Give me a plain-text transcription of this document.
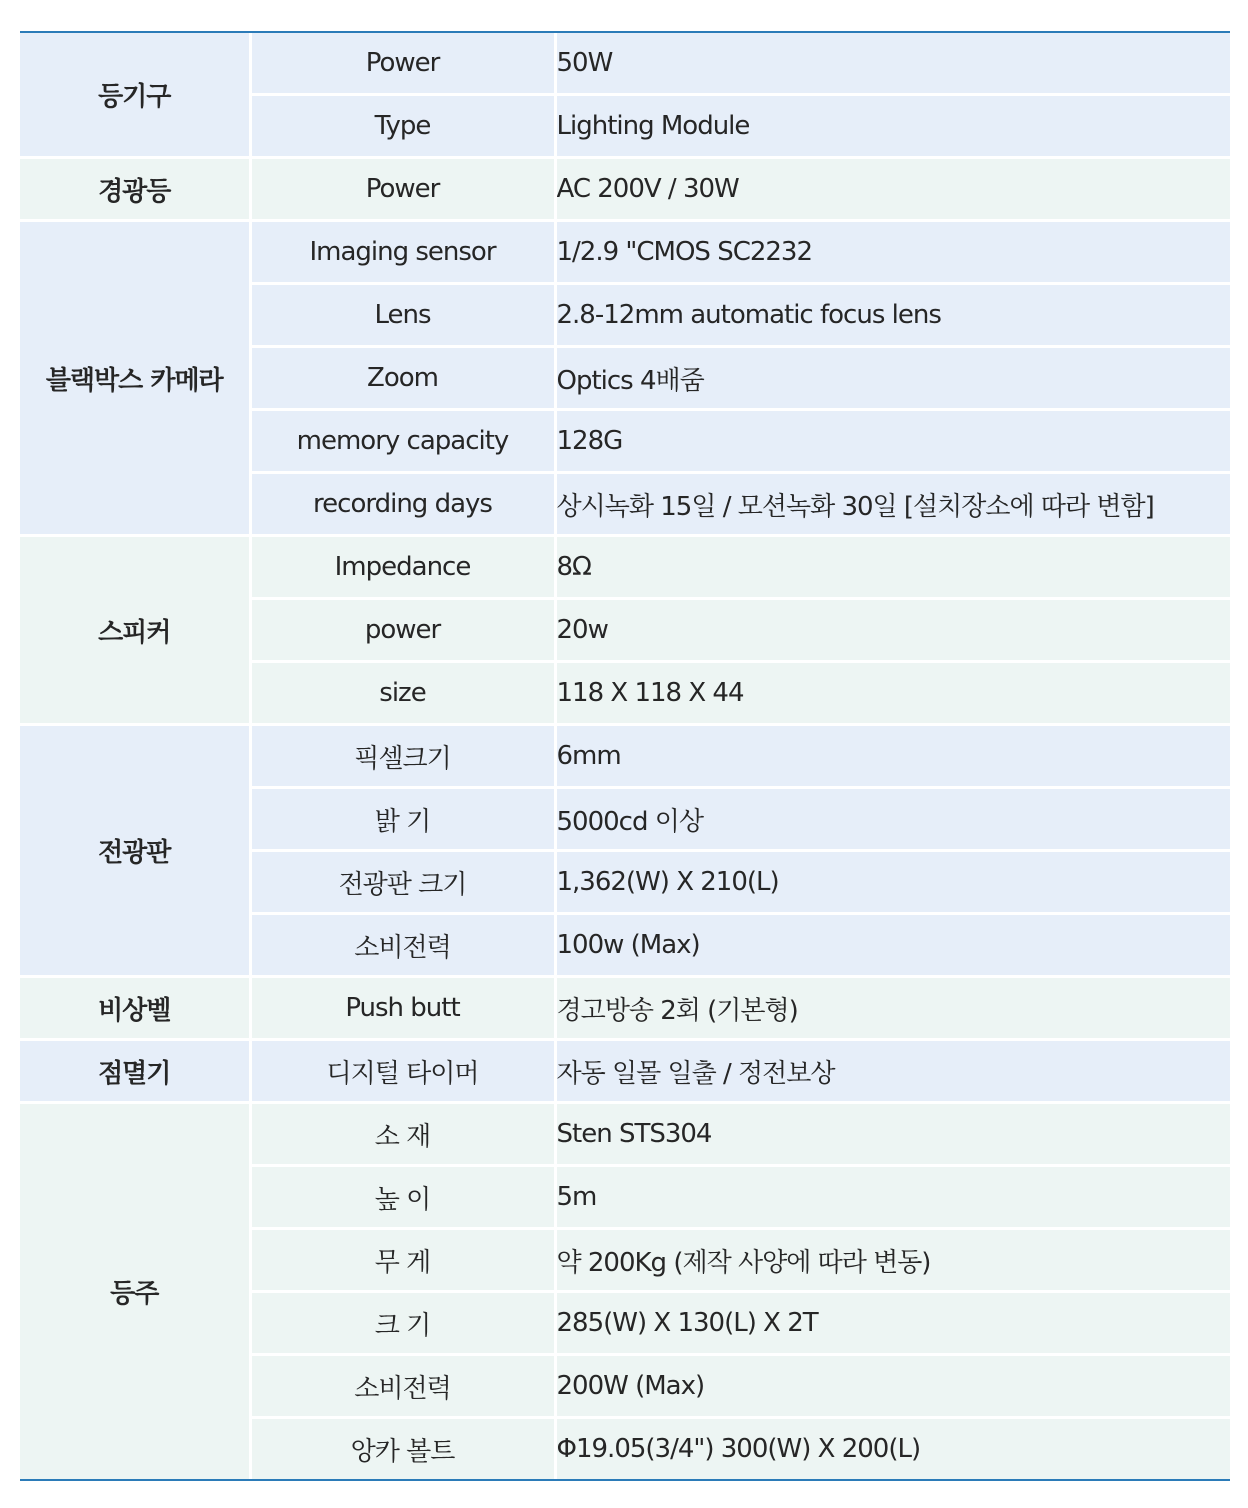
등기구	Power	50W
	Type	Lighting Module
경광등	Power	AC 200V / 30W
블랙박스 카메라	Imaging sensor	1/2.9 "CMOS SC2232
	Lens	2.8-12mm automatic focus lens
	Zoom	Optics 4배줌
	memory capacity	128G
	recording days	상시녹화 15일 / 모션녹화 30일 [설치장소에 따라 변함]
스피커	Impedance	8Ω
	power	20w
	size	118 X 118 X 44
전광판	픽셀크기	6mm
	밝 기	5000cd 이상
	전광판 크기	1,362(W) X 210(L)
	소비전력	100w (Max)
비상벨	Push butt	경고방송 2회 (기본형)
점멸기	디지털 타이머	자동 일몰 일출 / 정전보상
등주	소 재	Sten STS304
	높 이	5m
	무 게	약 200Kg (제작 사양에 따라 변동)
	크 기	285(W) X 130(L) X 2T
	소비전력	200W (Max)
	앙카 볼트	Φ19.05(3/4") 300(W) X 200(L)
